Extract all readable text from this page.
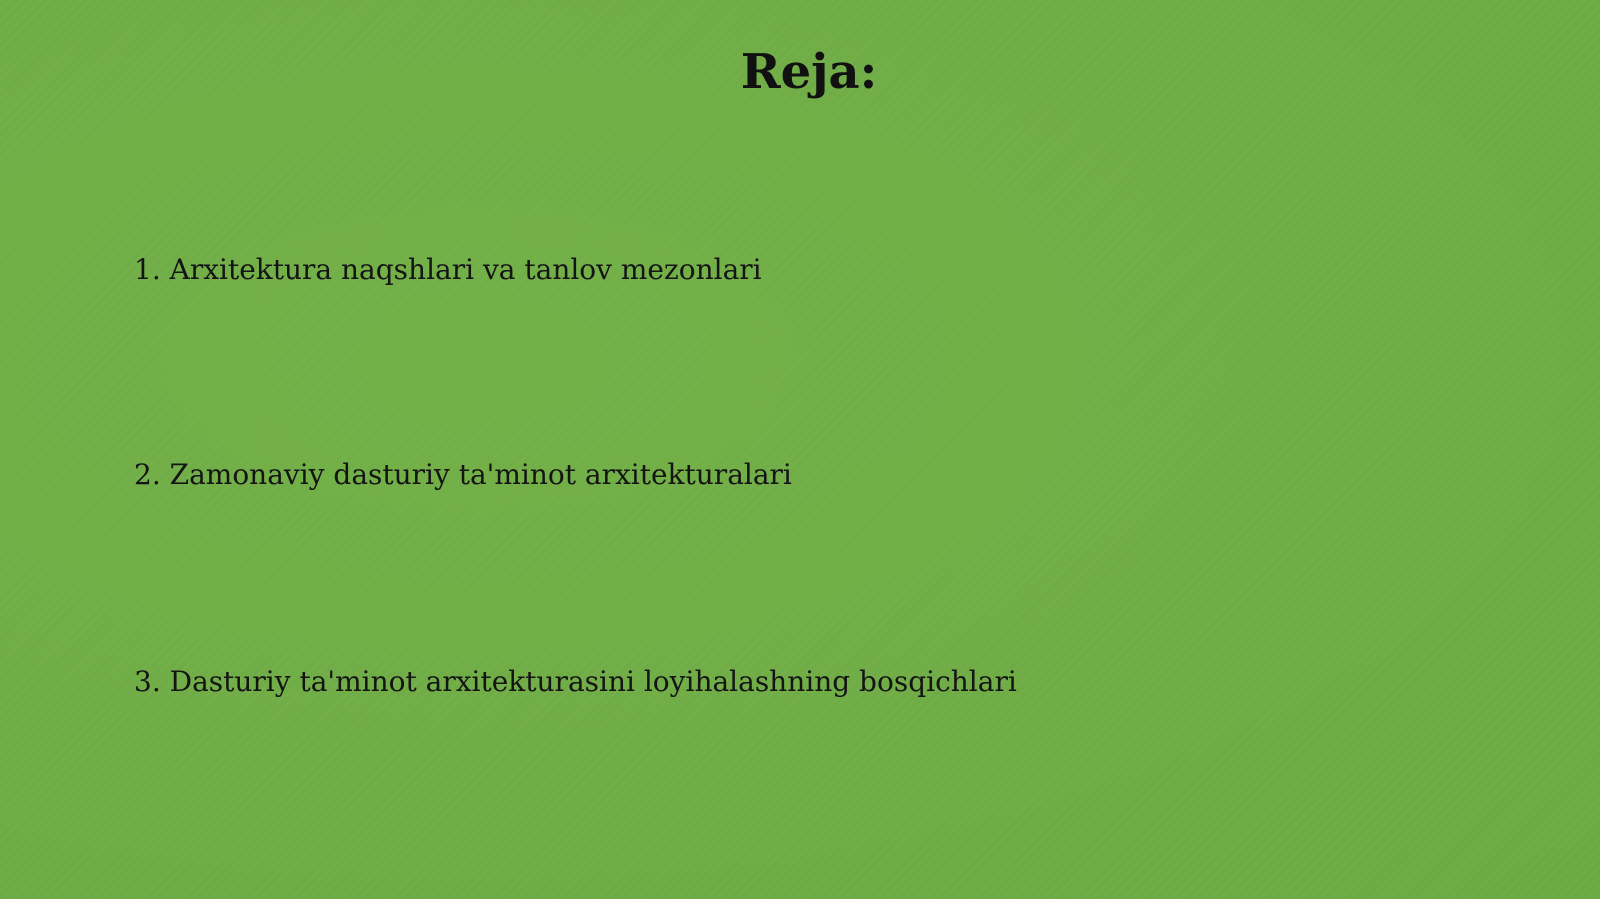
Reja:

1. Arxitektura naqshlari va tanlov mezonlari

2. Zamonaviy dasturiy ta'minot arxitekturalari

3. Dasturiy ta'minot arxitekturasini loyihalashning bosqichlari
